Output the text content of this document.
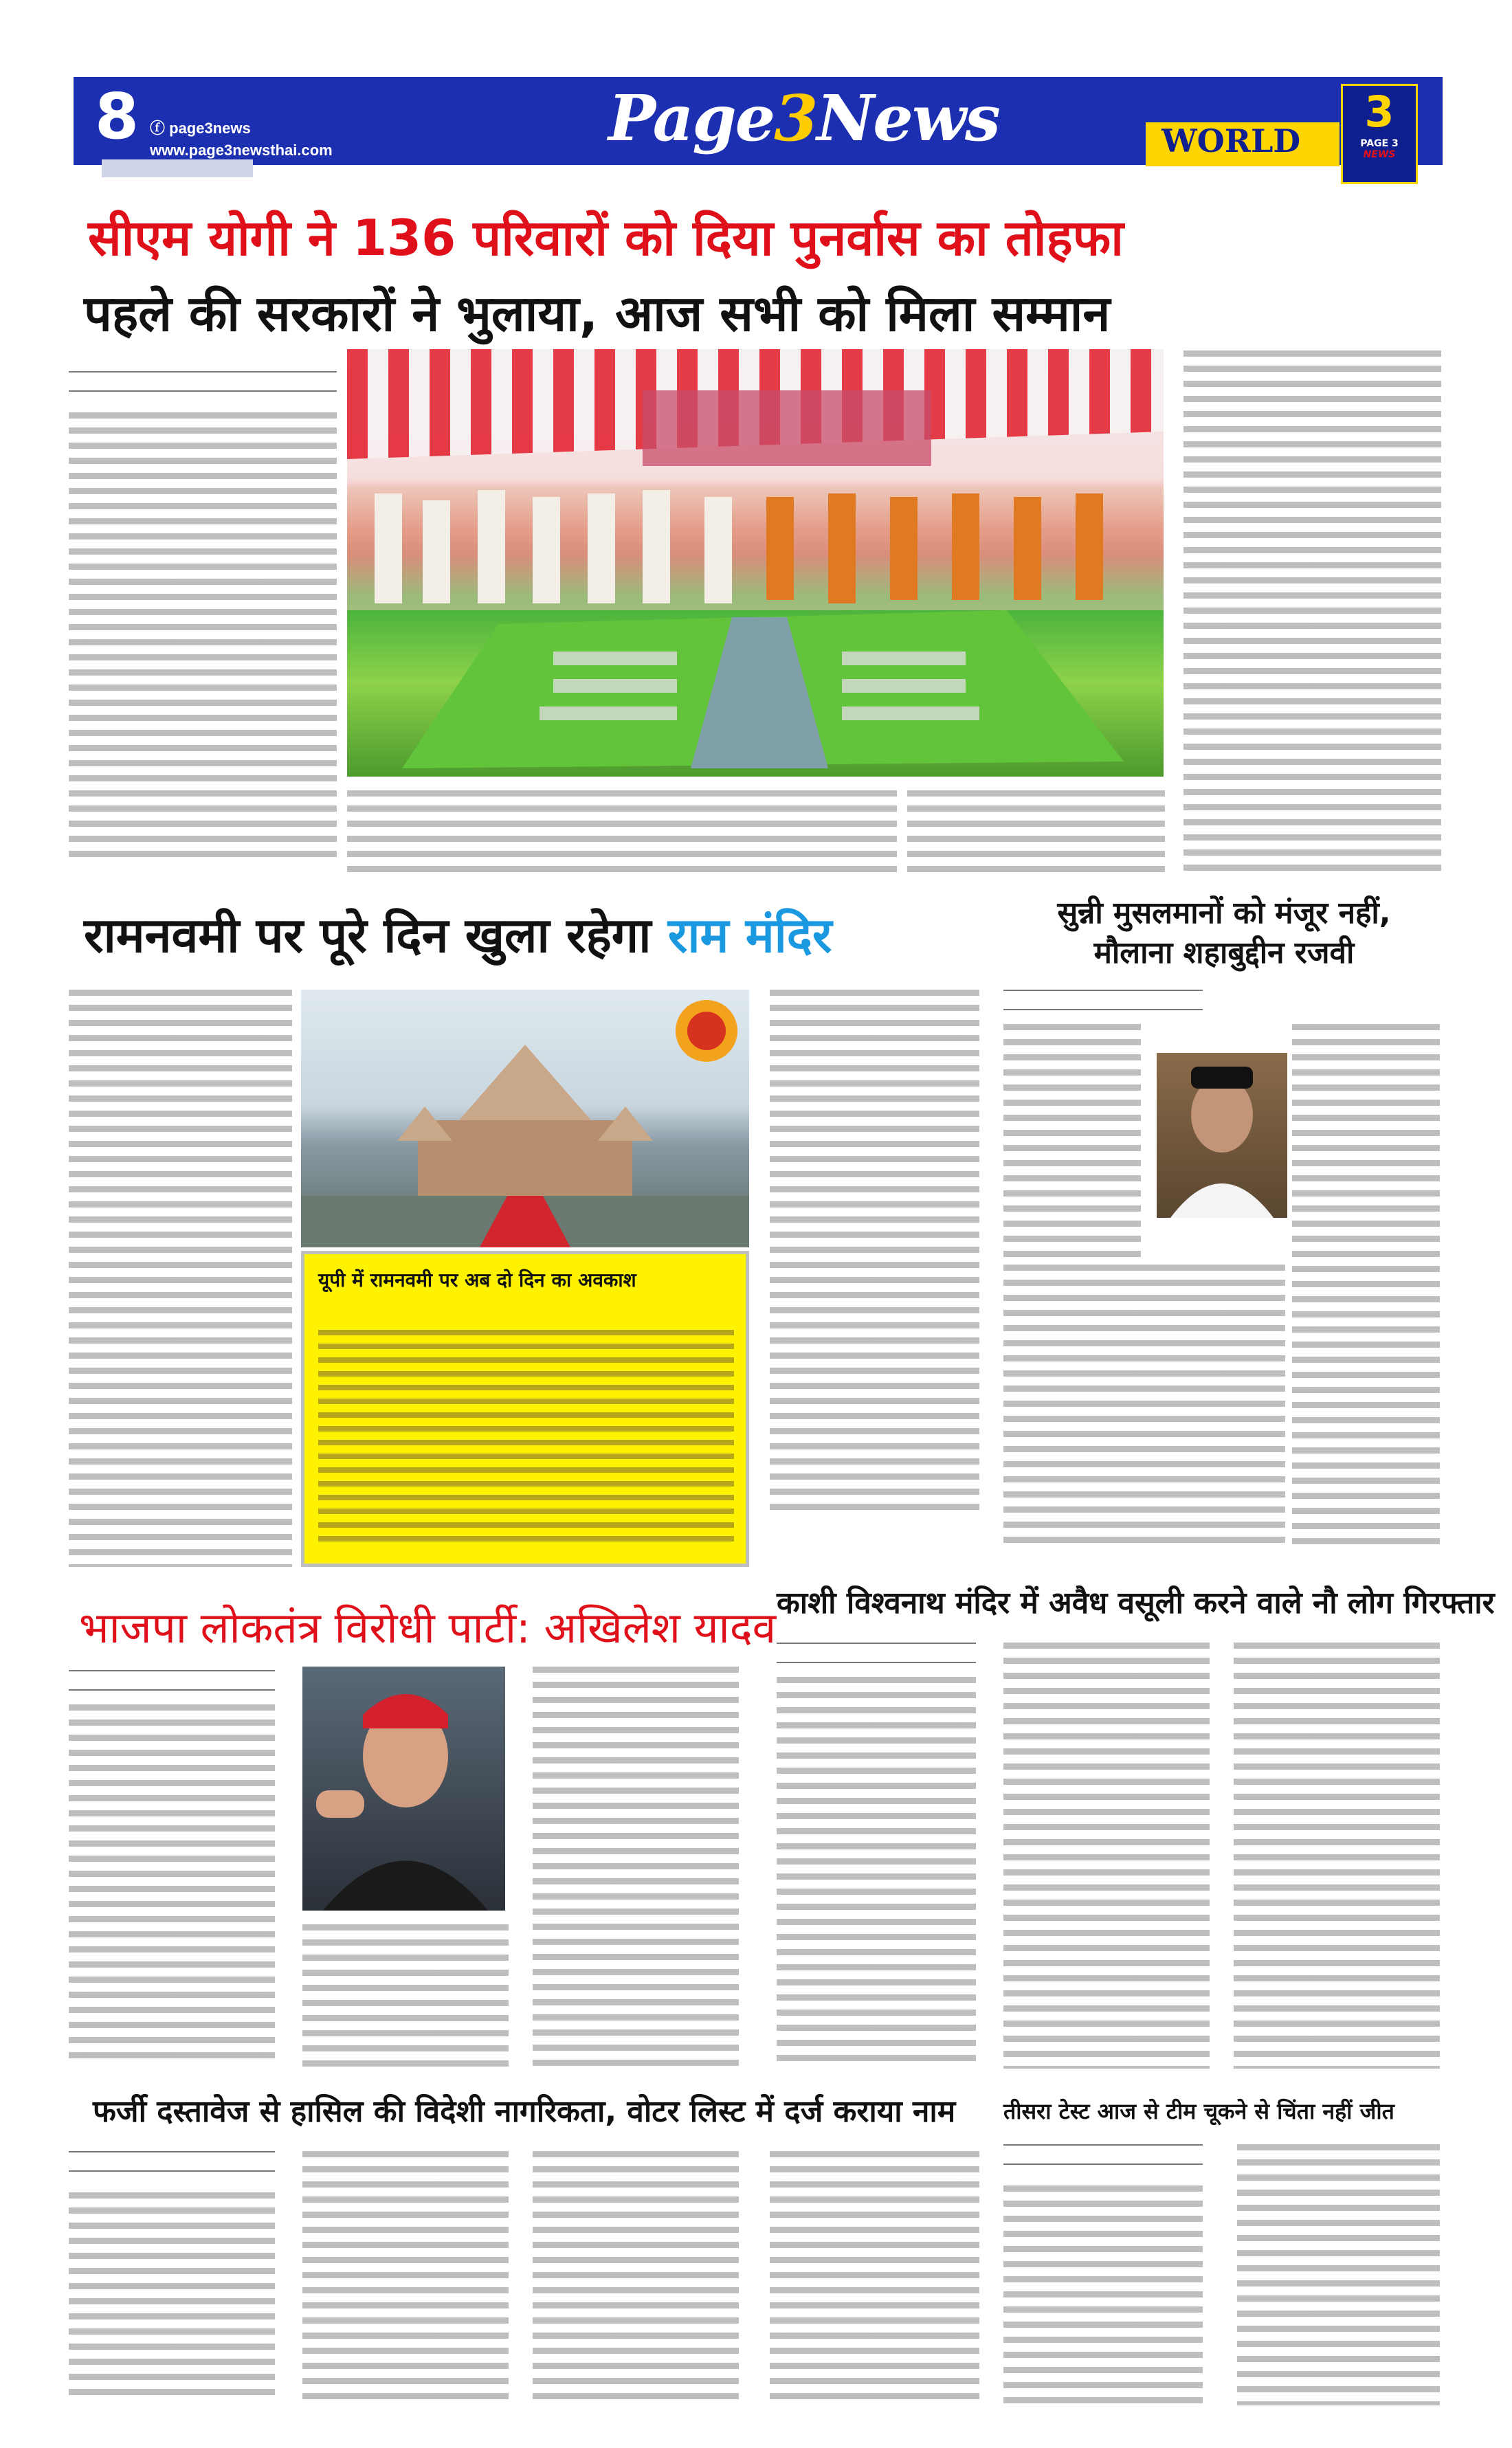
8 ⓕ page3news
www.page3newsthai.com	Page3News	WORLD
3
PAGE 3
NEWS
सीएम योगी ने 136 परिवारों को दिया पुनर्वास का तोहफा
पहले की सरकारों ने भुलाया, आज सभी को मिला सम्मान

रामनवमी पर पूरे दिन खुला रहेगा राम मंदिर
यूपी में रामनवमी पर अब दो दिन का अवकाश
सुन्नी मुसलमानों को मंजूर नहीं, मौलाना शहाबुद्दीन रजवी

भाजपा लोकतंत्र विरोधी पार्टी: अखिलेश यादव
काशी विश्वनाथ मंदिर में अवैध वसूली करने वाले नौ लोग गिरफ्तार

फर्जी दस्तावेज से हासिल की विदेशी नागरिकता, वोटर लिस्ट में दर्ज कराया नाम
तीसरा टेस्ट आज से टीम चूकने से चिंता नहीं जीत
